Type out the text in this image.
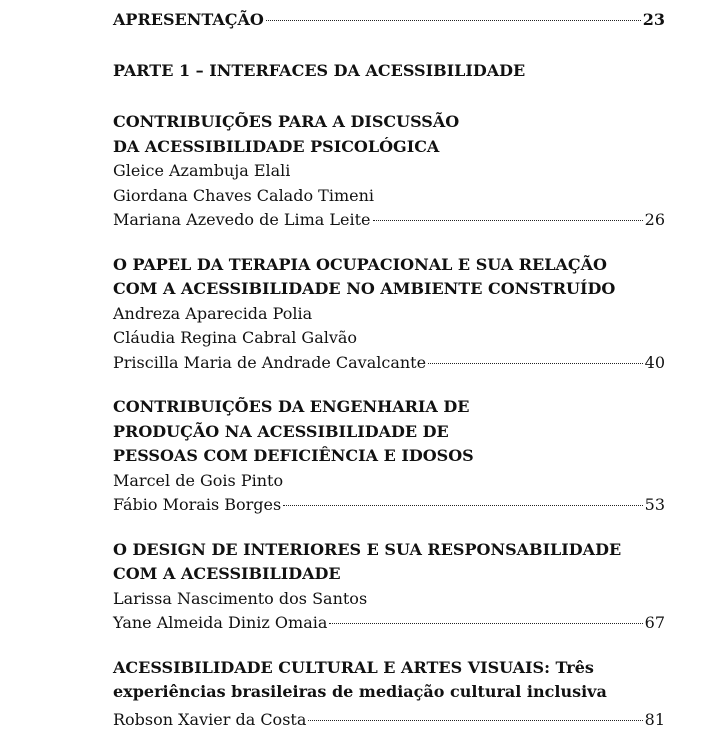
APRESENTAÇÃO	23
PARTE 1 – INTERFACES DA ACESSIBILIDADE
CONTRIBUIÇÕES PARA A DISCUSSÃO
DA ACESSIBILIDADE PSICOLÓGICA
Gleice Azambuja Elali
Giordana Chaves Calado Timeni
Mariana Azevedo de Lima Leite	26
O PAPEL DA TERAPIA OCUPACIONAL E SUA RELAÇÃO
COM A ACESSIBILIDADE NO AMBIENTE CONSTRUÍDO
Andreza Aparecida Polia
Cláudia Regina Cabral Galvão
Priscilla Maria de Andrade Cavalcante	40
CONTRIBUIÇÕES DA ENGENHARIA DE
PRODUÇÃO NA ACESSIBILIDADE DE
PESSOAS COM DEFICIÊNCIA E IDOSOS
Marcel de Gois Pinto
Fábio Morais Borges	53
O DESIGN DE INTERIORES E SUA RESPONSABILIDADE
COM A ACESSIBILIDADE
Larissa Nascimento dos Santos
Yane Almeida Diniz Omaia	67
ACESSIBILIDADE CULTURAL E ARTES VISUAIS: Três
experiências brasileiras de mediação cultural inclusiva
Robson Xavier da Costa	81
